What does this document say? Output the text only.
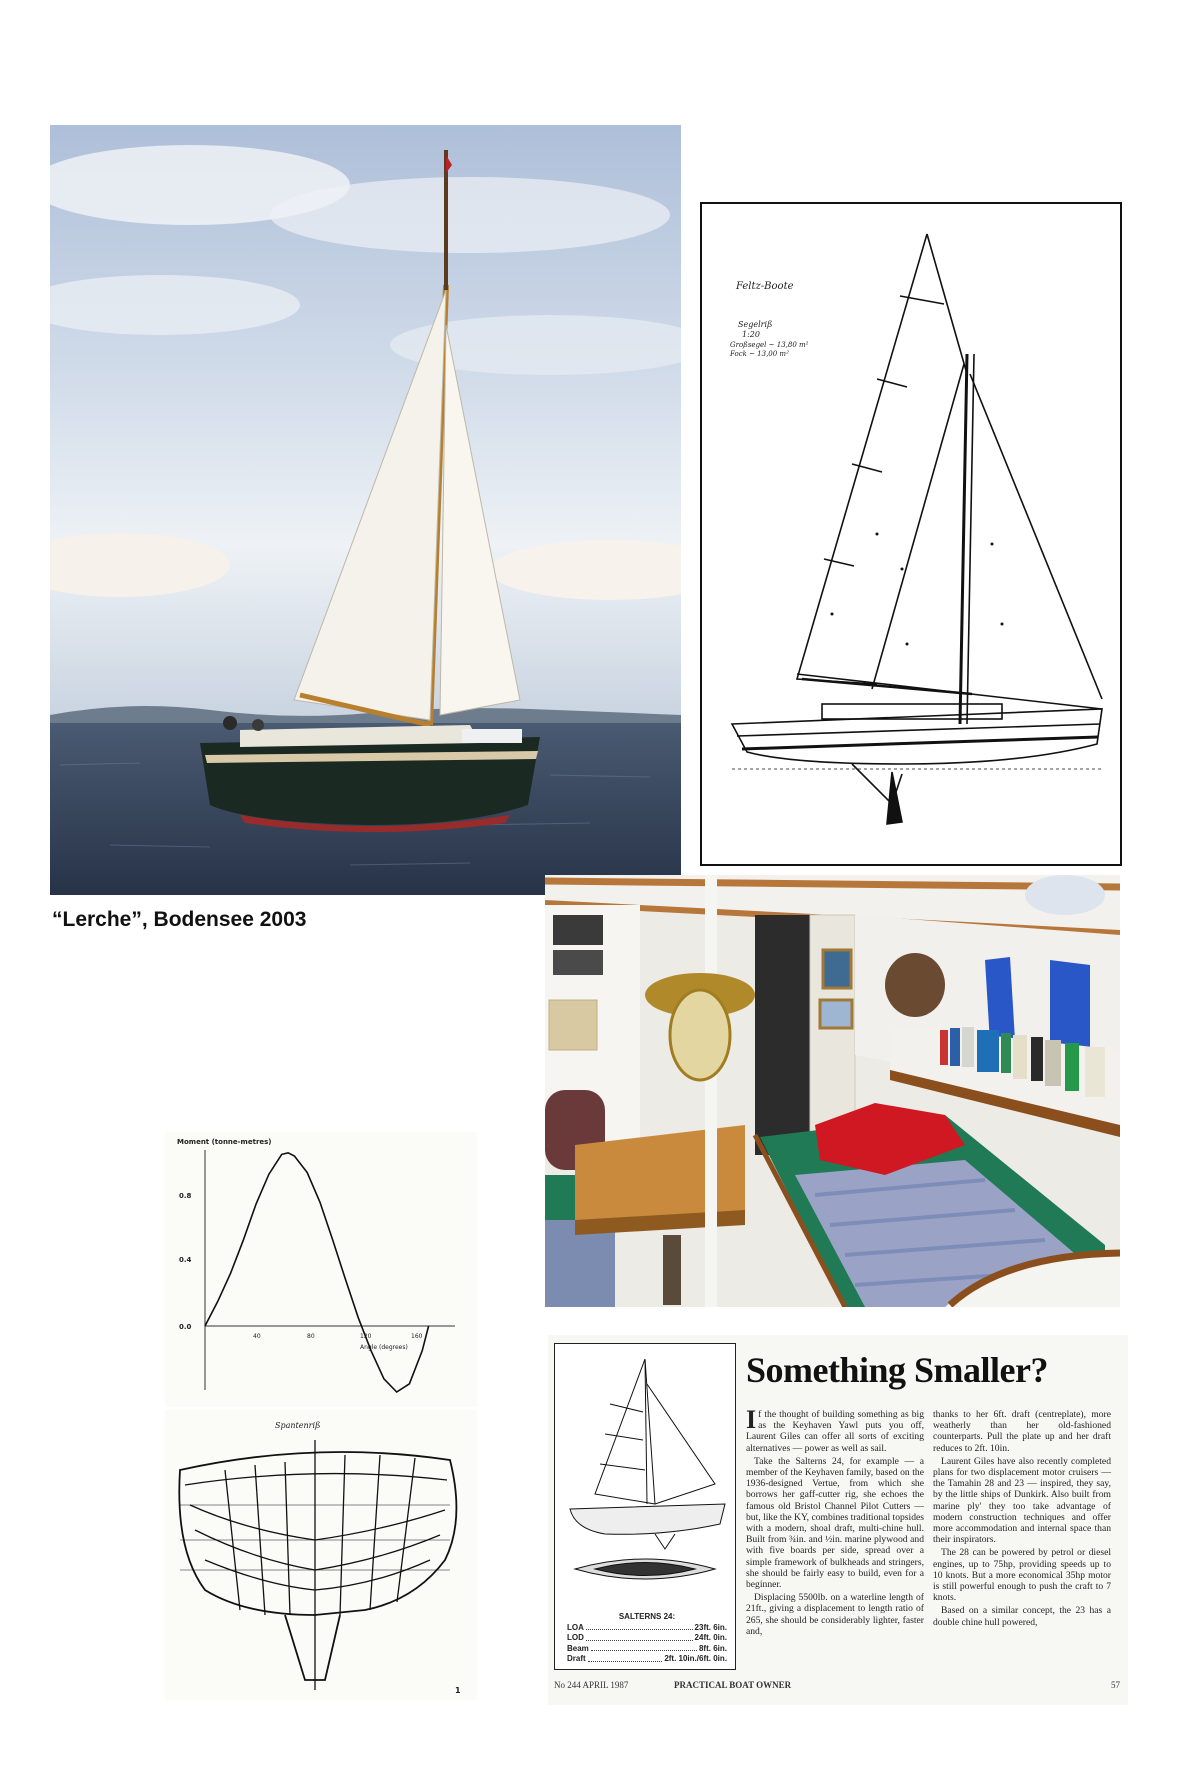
“Lerche”, Bodensee 2003
Feltz-Boote
Segelriß
1:20
Großsegel ~ 13,80 m²
Fock ~ 13,00 m²
Moment (tonne-metres)
0.8
0.4
0.0
40	80	120	160
Angle (degrees)
Spantenriß
1
SALTERNS 24:
LOA	23ft. 6in.
LOD	24ft. 0in.
Beam	8ft. 6in.
Draft	2ft. 10in./6ft. 0in.
Something Smaller?

If the thought of building something as big as the Keyhaven Yawl puts you off, Laurent Giles can offer all sorts of exciting alternatives — power as well as sail.

Take the Salterns 24, for example — a member of the Keyhaven family, based on the 1936-designed Vertue, from which she borrows her gaff-cutter rig, she echoes the famous old Bristol Channel Pilot Cutters — but, like the KY, combines traditional topsides with a modern, shoal draft, multi-chine hull. Built from ¾in. and ½in. marine plywood and with five boards per side, spread over a simple framework of bulkheads and stringers, she should be fairly easy to build, even for a beginner.

Displacing 5500lb. on a waterline length of 21ft., giving a displacement to length ratio of 265, she should be considerably lighter, faster and,

thanks to her 6ft. draft (centreplate), more weatherly than her old-fashioned counterparts. Pull the plate up and her draft reduces to 2ft. 10in.

Laurent Giles have also recently completed plans for two displacement motor cruisers — the Tamahin 28 and 23 — inspired, they say, by the little ships of Dunkirk. Also built from marine ply' they too take advantage of modern construction techniques and offer more accommodation and internal space than their inspirators.

The 28 can be powered by petrol or diesel engines, up to 75hp, providing speeds up to 10 knots. But a more economical 35hp motor is still powerful enough to push the craft to 7 knots.

Based on a similar concept, the 23 has a double chine hull powered,

No 244 APRIL 1987	PRACTICAL BOAT OWNER	57
